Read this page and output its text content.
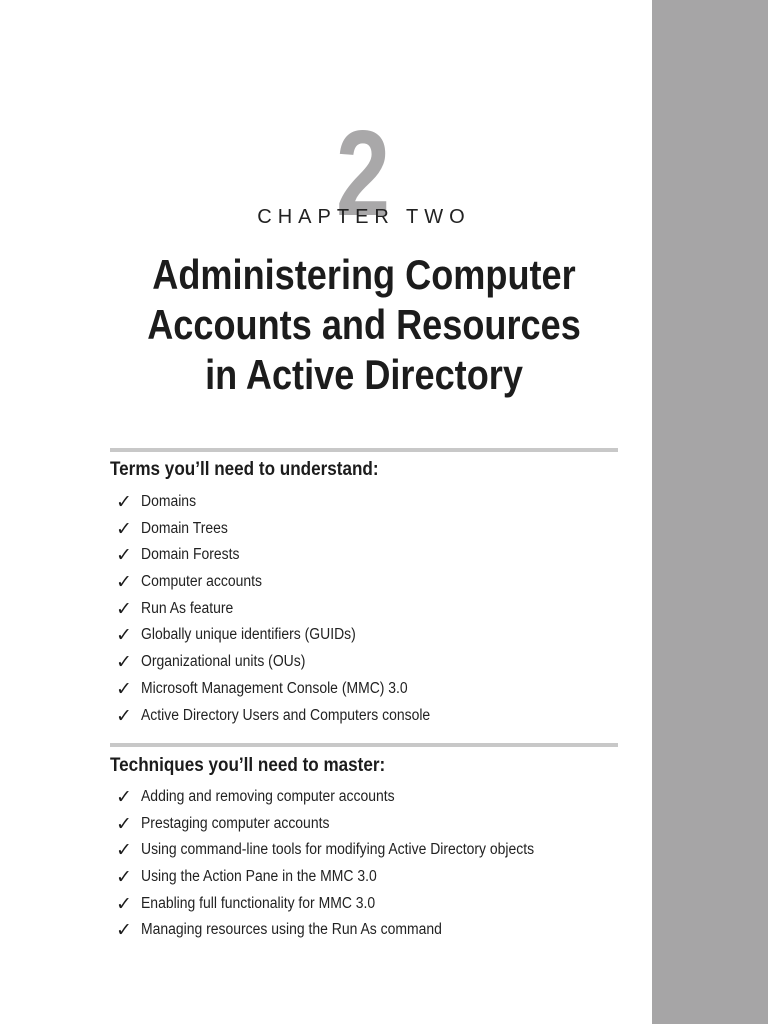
2
CHAPTER TWO
Administering Computer
Accounts and Resources
in Active Directory
Terms you’ll need to understand:
✓ Domains
✓ Domain Trees
✓ Domain Forests
✓ Computer accounts
✓ Run As feature
✓ Globally unique identifiers (GUIDs)
✓ Organizational units (OUs)
✓ Microsoft Management Console (MMC) 3.0
✓ Active Directory Users and Computers console
Techniques you’ll need to master:
✓ Adding and removing computer accounts
✓ Prestaging computer accounts
✓ Using command-line tools for modifying Active Directory objects
✓ Using the Action Pane in the MMC 3.0
✓ Enabling full functionality for MMC 3.0
✓ Managing resources using the Run As command
